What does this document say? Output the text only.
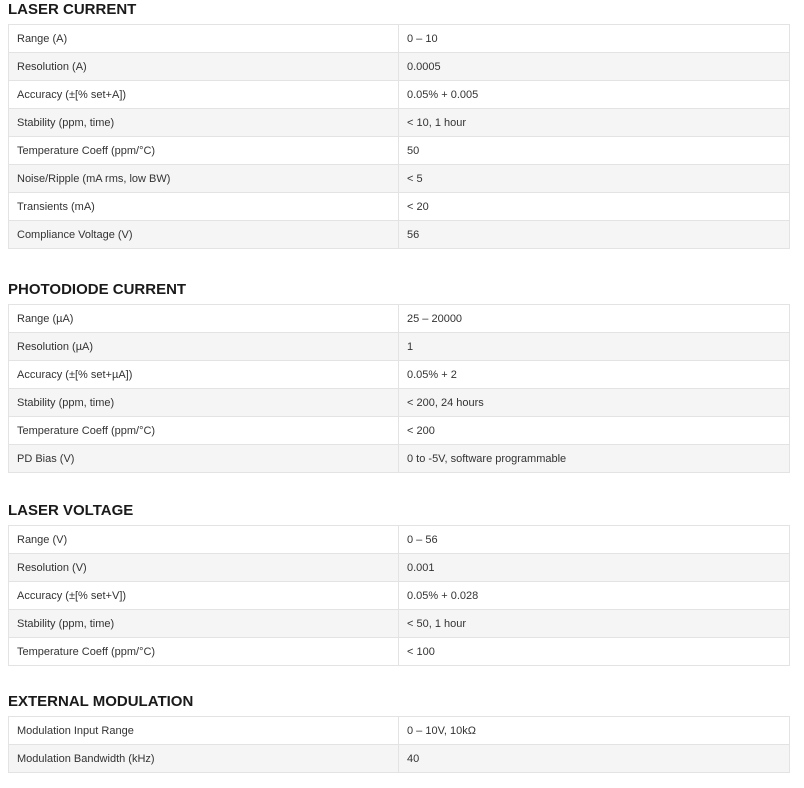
LASER CURRENT
Range (A)	0 – 10
Resolution (A)	0.0005
Accuracy (±[% set+A])	0.05% + 0.005
Stability (ppm, time)	< 10, 1 hour
Temperature Coeff (ppm/°C)	50
Noise/Ripple (mA rms, low BW)	< 5
Transients (mA)	< 20
Compliance Voltage (V)	56
PHOTODIODE CURRENT
Range (µA)	25 – 20000
Resolution (µA)	1
Accuracy (±[% set+µA])	0.05% + 2
Stability (ppm, time)	< 200, 24 hours
Temperature Coeff (ppm/°C)	< 200
PD Bias (V)	0 to -5V, software programmable
LASER VOLTAGE
Range (V)	0 – 56
Resolution (V)	0.001
Accuracy (±[% set+V])	0.05% + 0.028
Stability (ppm, time)	< 50, 1 hour
Temperature Coeff (ppm/°C)	< 100
EXTERNAL MODULATION
Modulation Input Range	0 – 10V, 10kΩ
Modulation Bandwidth (kHz)	40
